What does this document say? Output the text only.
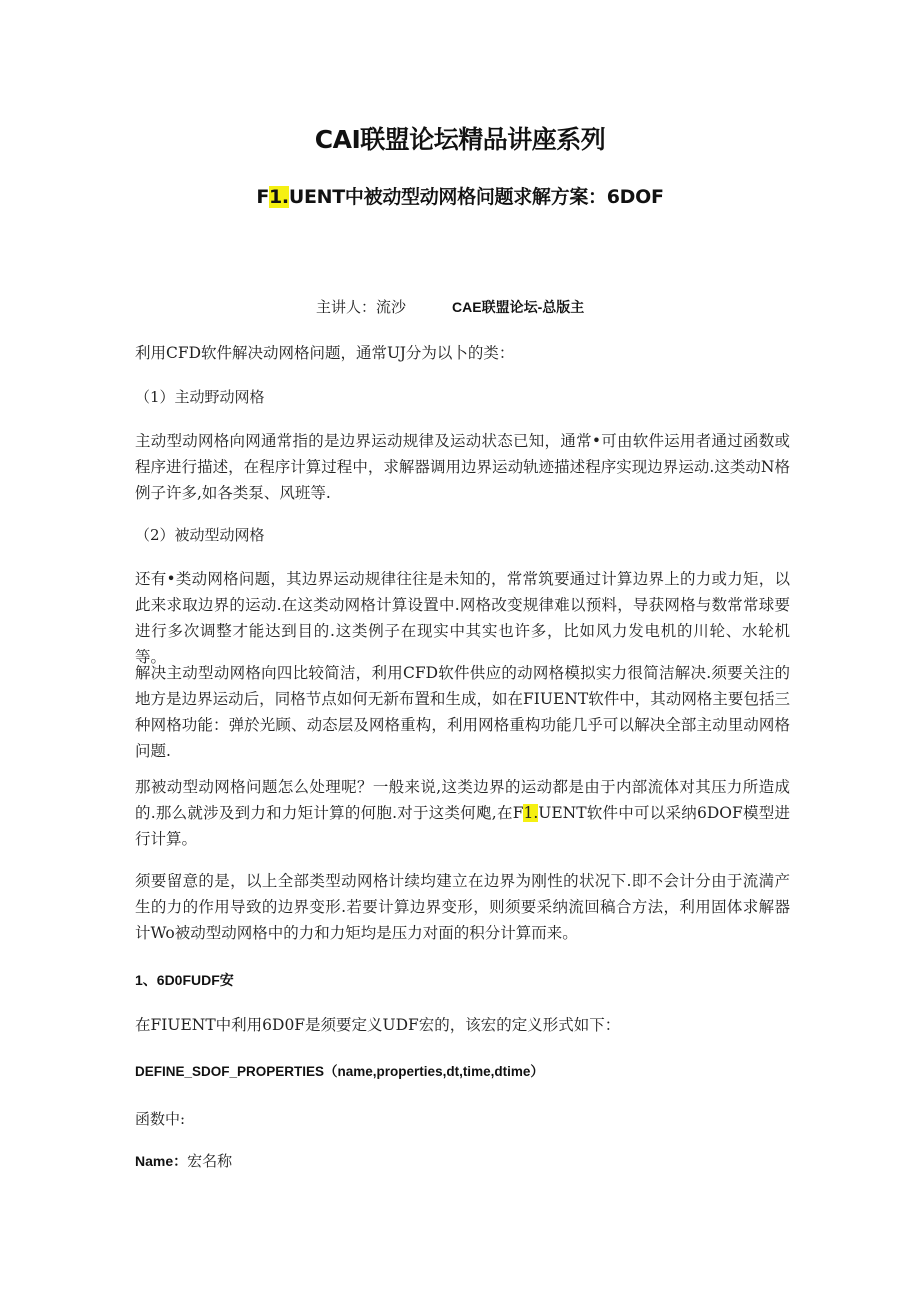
CAI联盟论坛精品讲座系列
F1.UENT中被动型动网格问题求解方案：6DOF
主讲人：流沙	CAE联盟论坛-总版主
利用CFD软件解决动网格问题，通常UJ分为以卜的类：
（1）主动野动网格
主动型动网格向网通常指的是边界运动规律及运动状态已知，通常•可由软件运用者通过函数或程序进行描述，在程序计算过程中，求解器调用边界运动轨迹描述程序实现边界运动.这类动N格例子许多,如各类泵、风班等.
（2）被动型动网格
还有•类动网格问题，其边界运动规律往往是未知的，常常筑要通过计算边界上的力或力矩，以此来求取边界的运动.在这类动网格计算设置中.网格改变规律难以预料，导获网格与数常常球要进行多次调整才能达到目的.这类例子在现实中其实也许多，比如风力发电机的川轮、水轮机等。
解决主动型动网格向四比较简洁，利用CFD软件供应的动网格模拟实力很简洁解决.须要关注的地方是边界运动后，同格节点如何无新布置和生成，如在FIUENT软件中，其动网格主要包括三种网格功能：弹於光顾、动态层及网格重构，利用网格重构功能几乎可以解决全部主动里动网格问题.
那被动型动网格问题怎么处理呢？一般来说,这类边界的运动都是由于内部流体对其压力所造成的.那么就涉及到力和力矩计算的何胞.对于这类何飑,在F1.UENT软件中可以采纳6DOF模型进行计算。
须要留意的是，以上全部类型动网格计续均建立在边界为刚性的状况下.即不会计分由于流満产生的力的作用导致的边界变形.若要计算边界变形，则须要采纳流回稿合方法，利用固体求解器计Wo被动型动网格中的力和力矩均是压力对面的积分计算而来。
1、6D0FUDF安
在FIUENT中利用6D0F是须要定义UDF宏的，该宏的定义形式如下：
DEFINE_SDOF_PROPERTIES（name,properties,dt,time,dtime）
函数中:
Name：宏名称
